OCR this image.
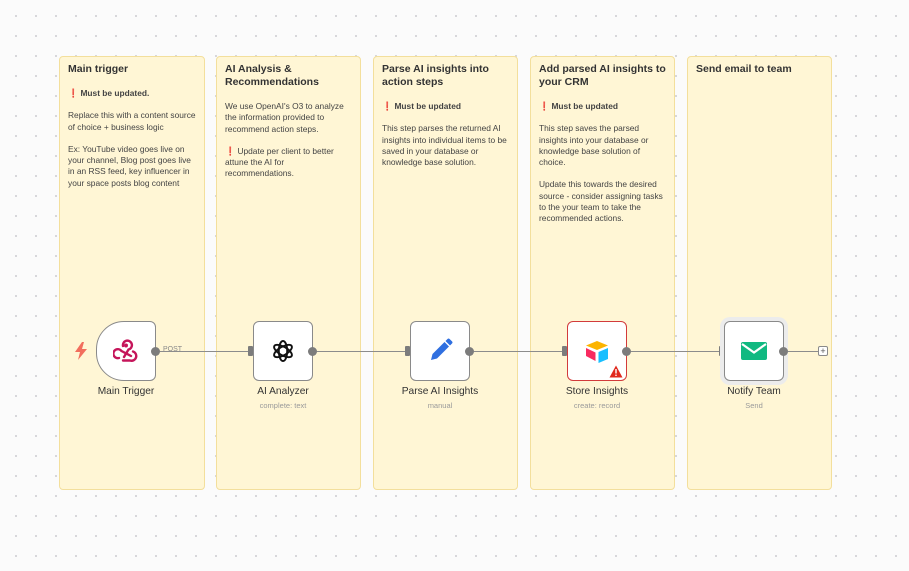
Main trigger

❗ Must be updated.

Replace this with a content source of choice + business logic

Ex: YouTube video goes live on your channel, Blog post goes live in an RSS feed, key influencer in your space posts blog content

AI Analysis & Recommendations

We use OpenAI's O3 to analyze the information provided to recommend action steps.

❗ Update per client to better attune the AI for recommendations.

Parse AI insights into action steps

❗ Must be updated

This step parses the returned AI insights into individual items to be saved in your database or knowledge base solution.

Add parsed AI insights to your CRM

❗ Must be updated

This step saves the parsed insights into your database or knowledge base solution of choice.

Update this towards the desired source - consider assigning tasks to the your team to take the recommended actions.

Send email to team
POST
Main Trigger	AI Analyzer
complete: text
Parse AI Insights
manual
Store Insights
create: record
Notify Team
Send
+
